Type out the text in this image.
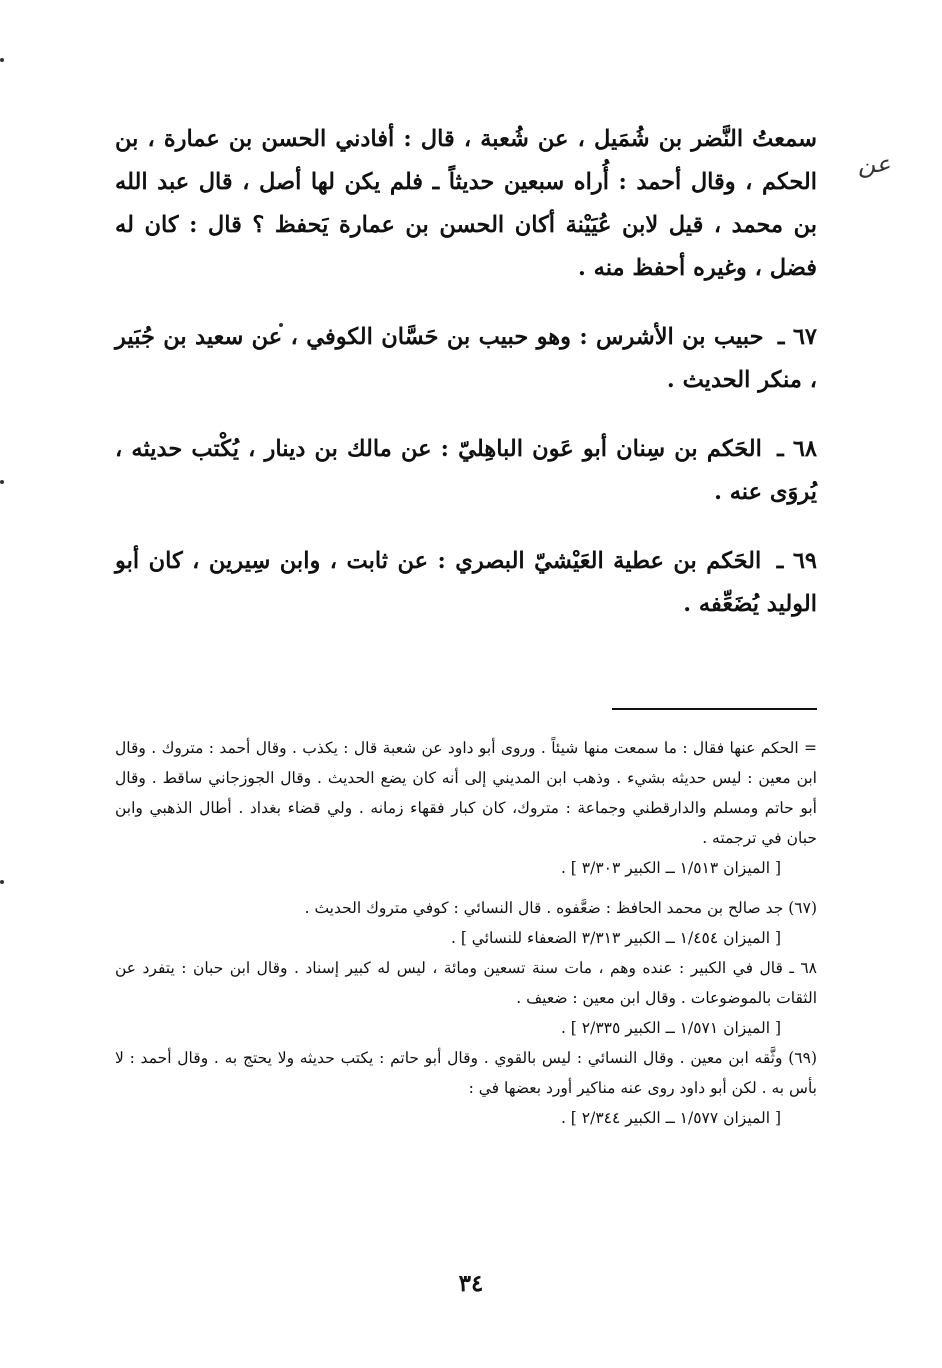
عن

سمعتُ النَّضر بن شُمَيل ، عن شُعبة ، قال : أفادني الحسن بن عمارة ، بن الحكم ، وقال أحمد : أُراه سبعين حديثاً ـ فلم يكن لها أصل ، قال عبد الله بن محمد ، قيل لابن عُيَيْنة أكان الحسن بن عمارة يَحفظ ؟ قال : كان له فضل ، وغيره أحفظ منه .

٦٧ ـ حبيب بن الأشرس : وهو حبيب بن حَسَّان الكوفي ، عن سعيد بن جُبَير ، منكر الحديث .

٦٨ ـ الحَكم بن سِنان أبو عَون الباهِليّ : عن مالك بن دينار ، يُكْتب حديثه ، يُروَى عنه .

٦٩ ـ الحَكم بن عطية العَيْشيّ البصري : عن ثابت ، وابن سِيرين ، كان أبو الوليد يُضَعِّفه .

= الحكم عنها فقال : ما سمعت منها شيئاً . وروى أبو داود عن شعبة قال : يكذب . وقال أحمد : متروك . وقال ابن معين : ليس حديثه بشيء . وذهب ابن المديني إلى أنه كان يضع الحديث . وقال الجوزجاني ساقط . وقال أبو حاتم ومسلم والدارقطني وجماعة : متروك، كان كبار فقهاء زمانه . ولي قضاء بغداد . أطال الذهبي وابن حبان في ترجمته .

[ الميزان ١/٥١٣ ــ الكبير ٣/٣٠٣ ] .

(٦٧) جد صالح بن محمد الحافظ : ضعَّفوه . قال النسائي : كوفي متروك الحديث .

[ الميزان ١/٤٥٤ ــ الكبير ٣/٣١٣ الضعفاء للنسائي ] .

٦٨ ـ قال في الكبير : عنده وهم ، مات سنة تسعين ومائة ، ليس له كبير إسناد . وقال ابن حبان : يتفرد عن الثقات بالموضوعات . وقال ابن معين : ضعيف .

[ الميزان ١/٥٧١ ــ الكبير ٢/٣٣٥ ] .

(٦٩) وثَّقه ابن معين . وقال النسائي : ليس بالقوي . وقال أبو حاتم : يكتب حديثه ولا يحتج به . وقال أحمد : لا بأس به . لكن أبو داود روى عنه مناكير أورد بعضها في :

[ الميزان ١/٥٧٧ ــ الكبير ٢/٣٤٤ ] .

٣٤
